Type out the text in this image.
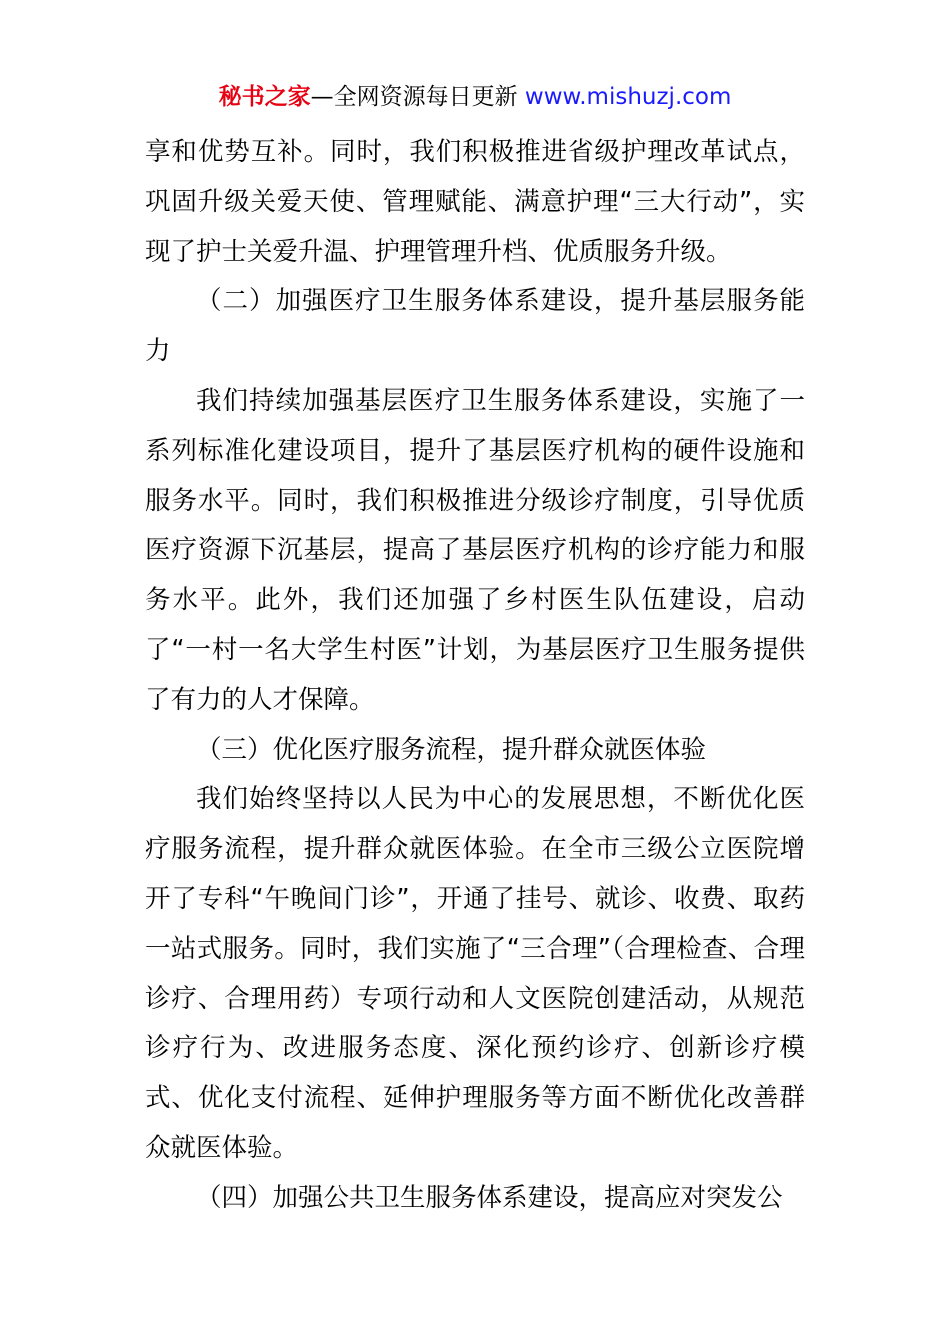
秘书之家—全网资源每日更新 www.mishuzj.com

享和优势互补。同时，我们积极推进省级护理改革试点，巩固升级关爱天使、管理赋能、满意护理“三大行动”，实现了护士关爱升温、护理管理升档、优质服务升级。

（二）加强医疗卫生服务体系建设，提升基层服务能力

我们持续加强基层医疗卫生服务体系建设，实施了一系列标准化建设项目，提升了基层医疗机构的硬件设施和服务水平。同时，我们积极推进分级诊疗制度，引导优质医疗资源下沉基层，提高了基层医疗机构的诊疗能力和服务水平。此外，我们还加强了乡村医生队伍建设，启动了“一村一名大学生村医”计划，为基层医疗卫生服务提供了有力的人才保障。

（三）优化医疗服务流程，提升群众就医体验

我们始终坚持以人民为中心的发展思想，不断优化医疗服务流程，提升群众就医体验。在全市三级公立医院增开了专科“午晚间门诊”，开通了挂号、就诊、收费、取药一站式服务。同时，我们实施了“三合理”（合理检查、合理诊疗、合理用药）专项行动和人文医院创建活动，从规范诊疗行为、改进服务态度、深化预约诊疗、创新诊疗模式、优化支付流程、延伸护理服务等方面不断优化改善群众就医体验。

（四）加强公共卫生服务体系建设，提高应对突发公
